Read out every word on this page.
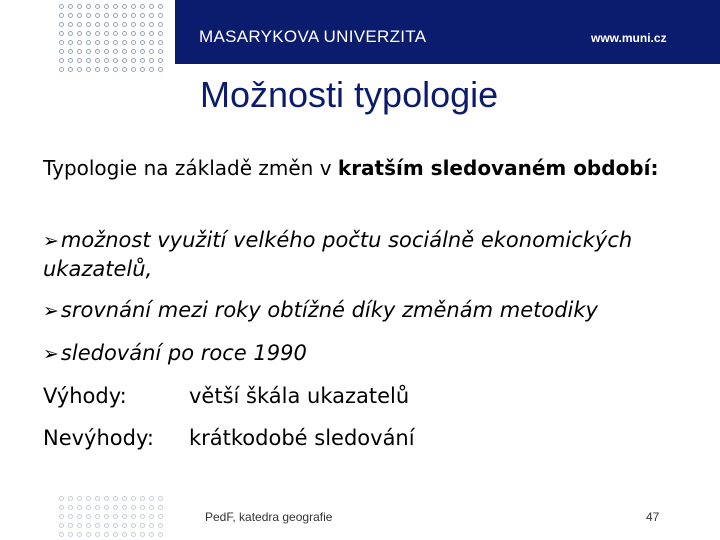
MASARYKOVA UNIVERZITA	www.muni.cz
Možnosti typologie
Typologie na základě změn v kratším sledovaném období:
➢možnost využití velkého počtu sociálně ekonomických ukazatelů,
➢srovnání mezi roky obtížné díky změnám metodiky
➢sledování po roce 1990
Výhody:	větší škála ukazatelů
Nevýhody: krátkodobé sledování
PedF, katedra geografie	47
